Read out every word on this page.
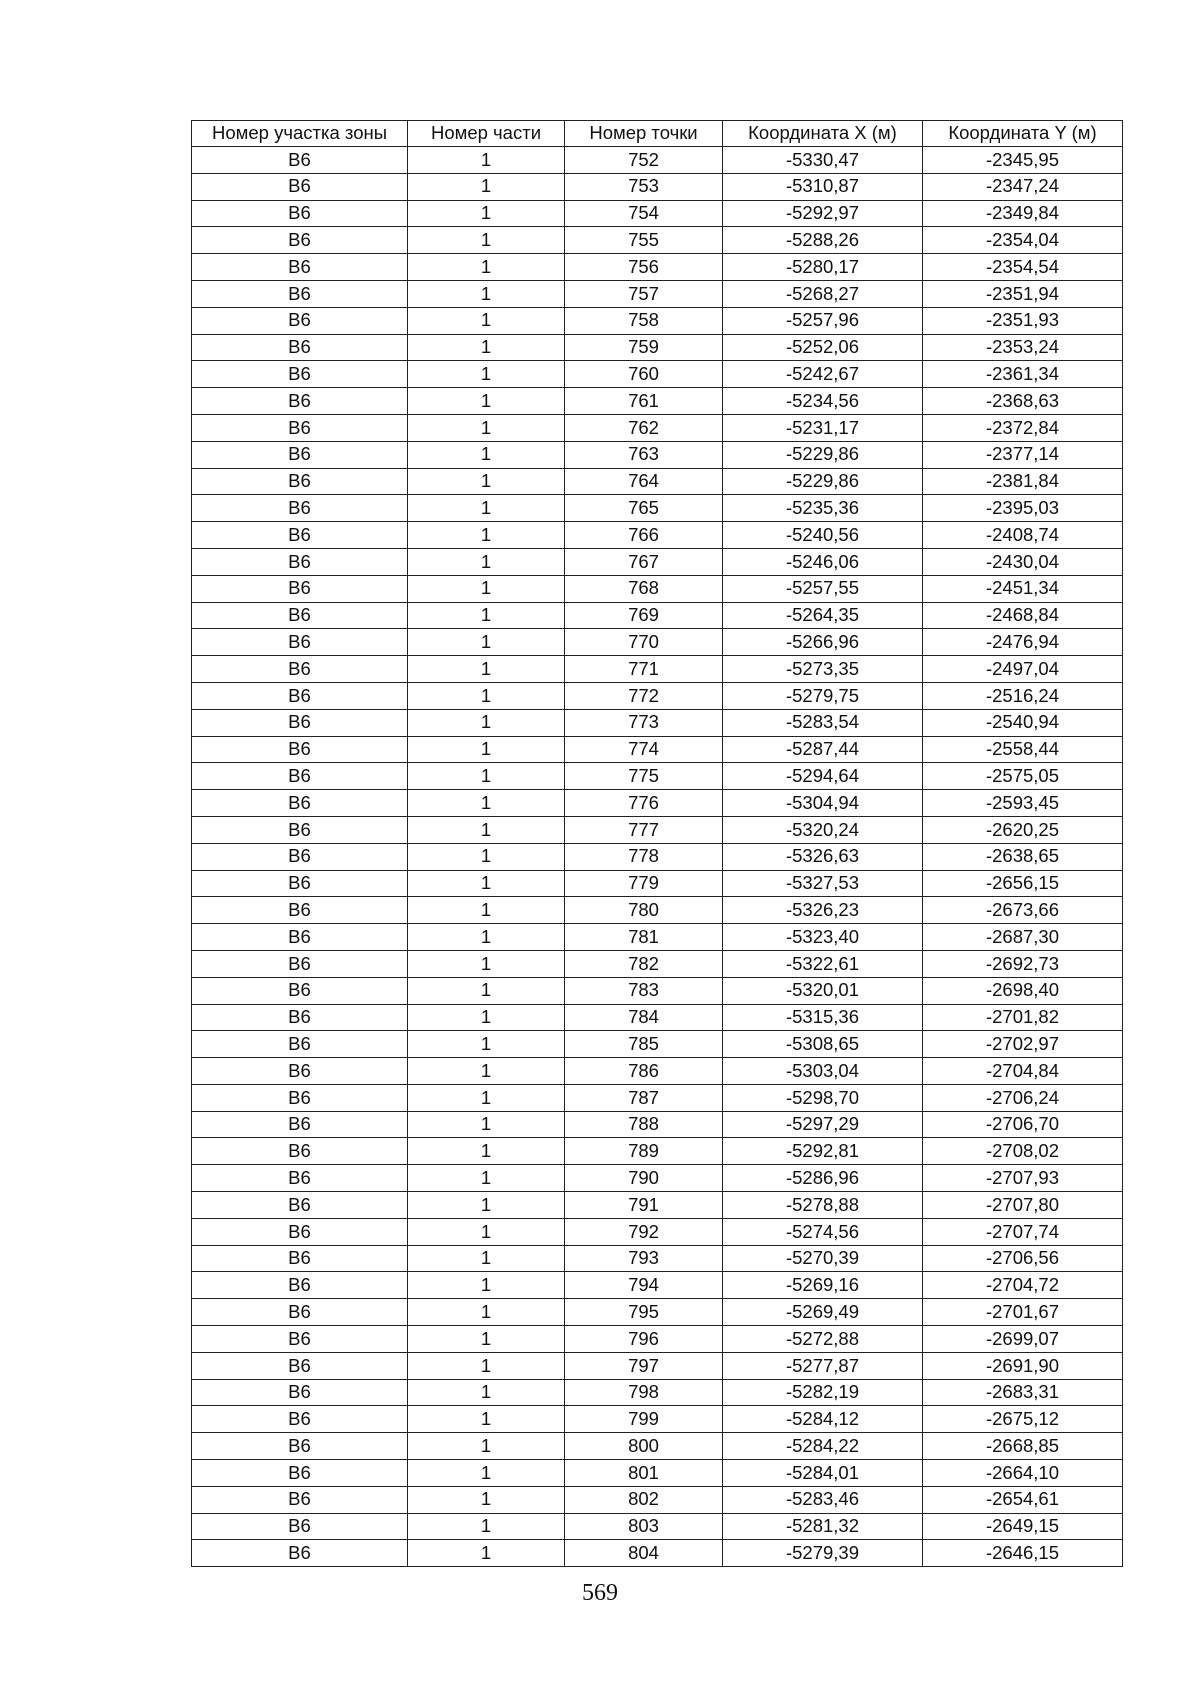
Номер участка зоны	Номер части	Номер точки	Координата X (м)	Координата Y (м)
В6	1	752	-5330,47	-2345,95
В6	1	753	-5310,87	-2347,24
В6	1	754	-5292,97	-2349,84
В6	1	755	-5288,26	-2354,04
В6	1	756	-5280,17	-2354,54
В6	1	757	-5268,27	-2351,94
В6	1	758	-5257,96	-2351,93
В6	1	759	-5252,06	-2353,24
В6	1	760	-5242,67	-2361,34
В6	1	761	-5234,56	-2368,63
В6	1	762	-5231,17	-2372,84
В6	1	763	-5229,86	-2377,14
В6	1	764	-5229,86	-2381,84
В6	1	765	-5235,36	-2395,03
В6	1	766	-5240,56	-2408,74
В6	1	767	-5246,06	-2430,04
В6	1	768	-5257,55	-2451,34
В6	1	769	-5264,35	-2468,84
В6	1	770	-5266,96	-2476,94
В6	1	771	-5273,35	-2497,04
В6	1	772	-5279,75	-2516,24
В6	1	773	-5283,54	-2540,94
В6	1	774	-5287,44	-2558,44
В6	1	775	-5294,64	-2575,05
В6	1	776	-5304,94	-2593,45
В6	1	777	-5320,24	-2620,25
В6	1	778	-5326,63	-2638,65
В6	1	779	-5327,53	-2656,15
В6	1	780	-5326,23	-2673,66
В6	1	781	-5323,40	-2687,30
В6	1	782	-5322,61	-2692,73
В6	1	783	-5320,01	-2698,40
В6	1	784	-5315,36	-2701,82
В6	1	785	-5308,65	-2702,97
В6	1	786	-5303,04	-2704,84
В6	1	787	-5298,70	-2706,24
В6	1	788	-5297,29	-2706,70
В6	1	789	-5292,81	-2708,02
В6	1	790	-5286,96	-2707,93
В6	1	791	-5278,88	-2707,80
В6	1	792	-5274,56	-2707,74
В6	1	793	-5270,39	-2706,56
В6	1	794	-5269,16	-2704,72
В6	1	795	-5269,49	-2701,67
В6	1	796	-5272,88	-2699,07
В6	1	797	-5277,87	-2691,90
В6	1	798	-5282,19	-2683,31
В6	1	799	-5284,12	-2675,12
В6	1	800	-5284,22	-2668,85
В6	1	801	-5284,01	-2664,10
В6	1	802	-5283,46	-2654,61
В6	1	803	-5281,32	-2649,15
В6	1	804	-5279,39	-2646,15
569
